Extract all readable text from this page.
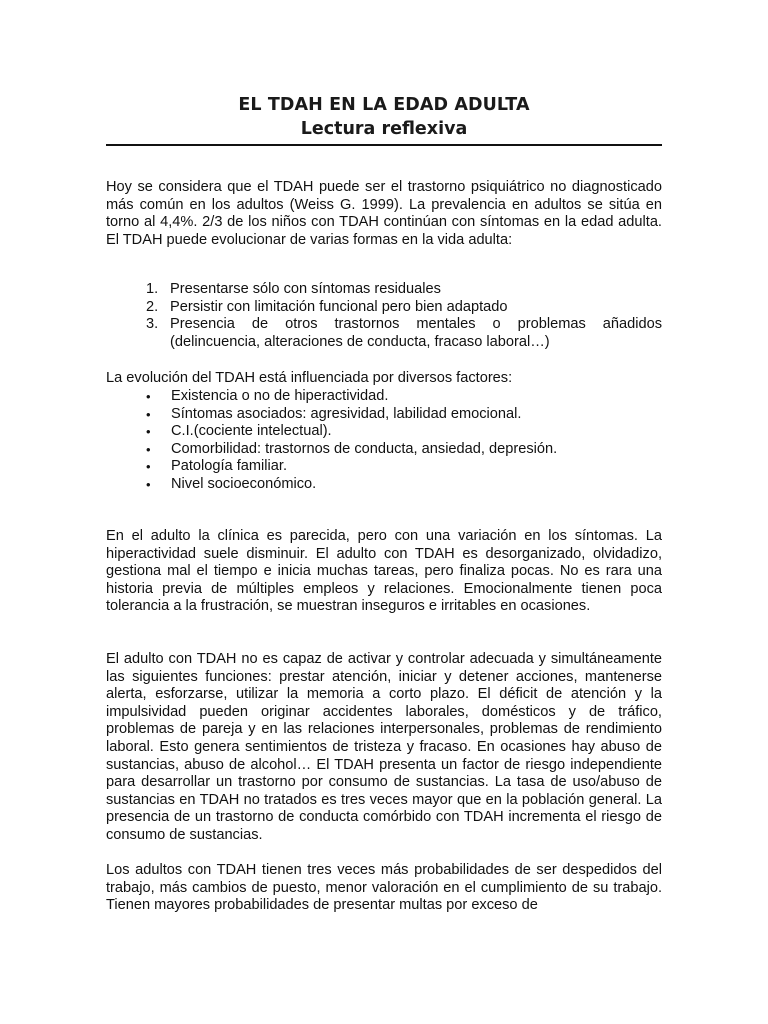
EL TDAH EN LA EDAD ADULTA
Lectura reflexiva
Hoy se considera que el TDAH puede ser el trastorno psiquiátrico no diagnosticado más común en los adultos (Weiss G. 1999). La prevalencia en adultos se sitúa en torno al 4,4%. 2/3 de los niños con TDAH continúan con síntomas en la edad adulta. El TDAH puede evolucionar de varias formas en la vida adulta:
1. Presentarse sólo con síntomas residuales
2. Persistir con limitación funcional pero bien adaptado
3. Presencia de otros trastornos mentales o problemas añadidos (delincuencia, alteraciones de conducta, fracaso laboral…)
La evolución del TDAH está influenciada por diversos factores:
• Existencia o no de hiperactividad.
• Síntomas asociados: agresividad, labilidad emocional.
• C.I.(cociente intelectual).
• Comorbilidad: trastornos de conducta, ansiedad, depresión.
• Patología familiar.
• Nivel socioeconómico.
En el adulto la clínica es parecida, pero con una variación en los síntomas. La hiperactividad suele disminuir. El adulto con TDAH es desorganizado, olvidadizo, gestiona mal el tiempo e inicia muchas tareas, pero finaliza pocas. No es rara una historia previa de múltiples empleos y relaciones. Emocionalmente tienen poca tolerancia a la frustración, se muestran inseguros e irritables en ocasiones.
El adulto con TDAH no es capaz de activar y controlar adecuada y simultáneamente las siguientes funciones: prestar atención, iniciar y detener acciones, mantenerse alerta, esforzarse, utilizar la memoria a corto plazo. El déficit de atención y la impulsividad pueden originar accidentes laborales, domésticos y de tráfico, problemas de pareja y en las relaciones interpersonales, problemas de rendimiento laboral. Esto genera sentimientos de tristeza y fracaso. En ocasiones hay abuso de sustancias, abuso de alcohol… El TDAH presenta un factor de riesgo independiente para desarrollar un trastorno por consumo de sustancias. La tasa de uso/abuso de sustancias en TDAH no tratados es tres veces mayor que en la población general. La presencia de un trastorno de conducta comórbido con TDAH incrementa el riesgo de consumo de sustancias.
Los adultos con TDAH tienen tres veces más probabilidades de ser despedidos del trabajo, más cambios de puesto, menor valoración en el cumplimiento de su trabajo. Tienen mayores probabilidades de presentar multas por exceso de
